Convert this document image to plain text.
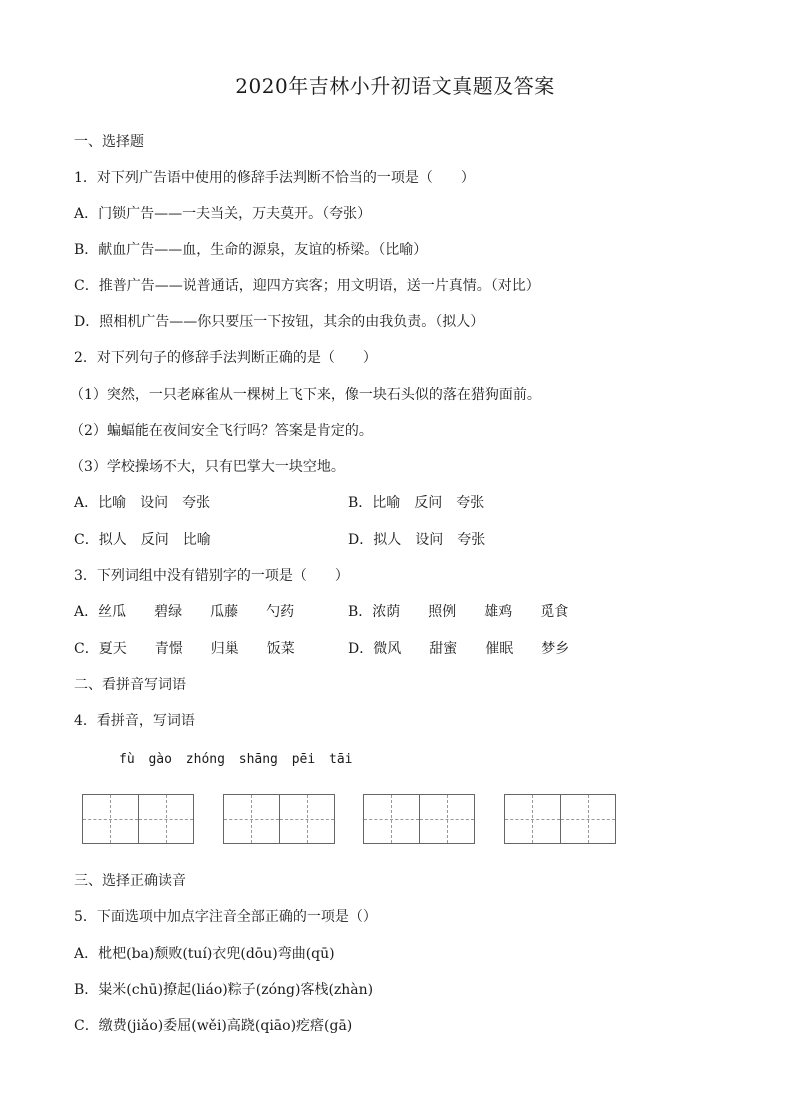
2020年吉林小升初语文真题及答案
一、选择题
1．对下列广告语中使用的修辞手法判断不恰当的一项是（　　）
A．门锁广告——一夫当关，万夫莫开。（夸张）
B．献血广告——血，生命的源泉，友谊的桥梁。（比喻）
C．推普广告——说普通话，迎四方宾客；用文明语，送一片真情。（对比）
D．照相机广告——你只要压一下按钮，其余的由我负责。（拟人）
2．对下列句子的修辞手法判断正确的是（　　）
（1）突然，一只老麻雀从一棵树上飞下来，像一块石头似的落在猎狗面前。
（2）蝙蝠能在夜间安全飞行吗？答案是肯定的。
（3）学校操场不大，只有巴掌大一块空地。
A．比喻　设问　夸张	B．比喻　反问　夸张
C．拟人　反问　比喻	D．拟人　设问　夸张
3．下列词组中没有错别字的一项是（　　）
A．丝瓜　　碧绿　　瓜藤　　勺药	B．浓荫　　照例　　雄鸡　　觅食
C．夏天　　青憬　　归巢　　饭菜	D．微风　　甜蜜　　催眠　　梦乡
二、看拼音写词语
4．看拼音，写词语
fù gào zhóng shāng pēi tāi
三、选择正确读音
5．下面选项中加点字注音全部正确的一项是（）
A．枇杷(ba)颓败(tuí)衣兜(dōu)弯曲(qū)
B．粜米(chū)撩起(liáo)粽子(zóng)客栈(zhàn)
C．缴费(jiǎo)委屈(wěi)高跷(qiāo)疙瘩(gā)
